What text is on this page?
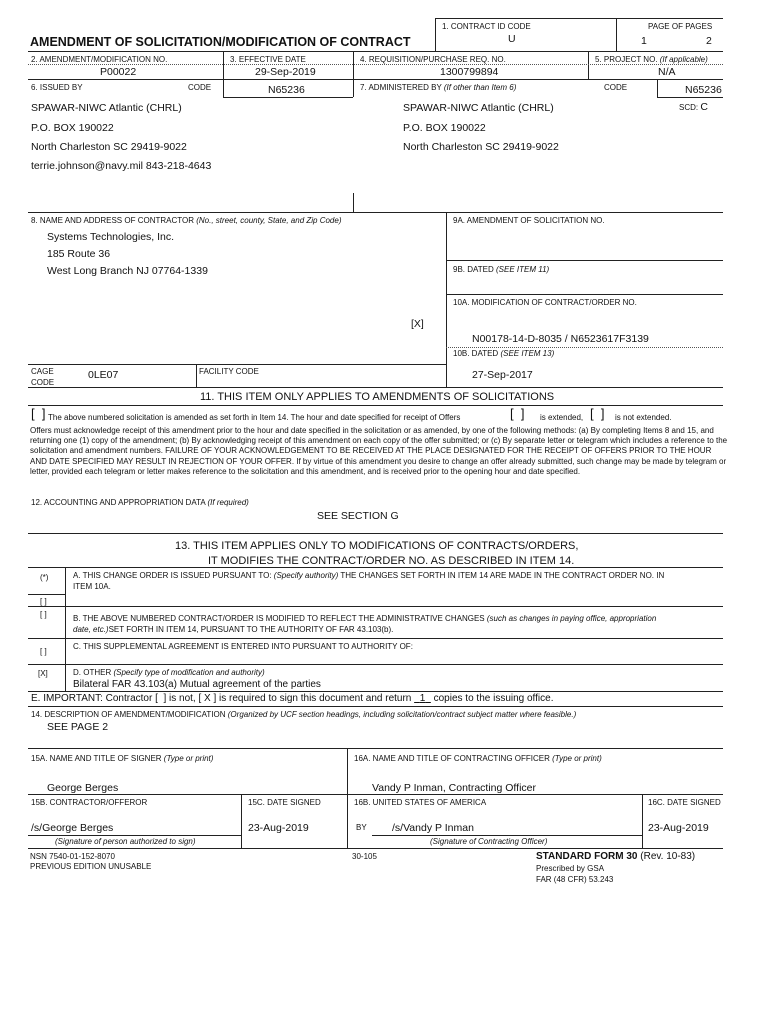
1. CONTRACT ID CODE
U
PAGE OF PAGES
1	2
AMENDMENT OF SOLICITATION/MODIFICATION OF CONTRACT
2. AMENDMENT/MODIFICATION NO.
P00022
3. EFFECTIVE DATE
29-Sep-2019
4. REQUISITION/PURCHASE REQ. NO.
1300799894
5. PROJECT NO. (If applicable)
N/A
6. ISSUED BY	CODE	N65236	7. ADMINISTERED BY (If other than Item 6)	CODE	N65236
SCD: C
SPAWAR-NIWC Atlantic (CHRL)
P.O. BOX 190022
North Charleston SC 29419-9022
terrie.johnson@navy.mil 843-218-4643
SPAWAR-NIWC Atlantic (CHRL)
P.O. BOX 190022
North Charleston SC 29419-9022
8. NAME AND ADDRESS OF CONTRACTOR (No., street, county, State, and Zip Code)
Systems Technologies, Inc.
185 Route 36
West Long Branch NJ 07764-1339
9A. AMENDMENT OF SOLICITATION NO.
9B. DATED (SEE ITEM 11)
10A. MODIFICATION OF CONTRACT/ORDER NO.
[X]
N00178-14-D-8035 / N6523617F3139
10B. DATED (SEE ITEM 13)
27-Sep-2017
CAGE
CODE
0LE07	FACILITY CODE
11. THIS ITEM ONLY APPLIES TO AMENDMENTS OF SOLICITATIONS
[  ] The above numbered solicitation is amended as set forth in Item 14. The hour and date specified for receipt of Offers	[  ] is extended, [  ] is not extended.
Offers must acknowledge receipt of this amendment prior to the hour and date specified in the solicitation or as amended, by one of the following methods: (a) By completing Items 8 and 15, and returning one (1) copy of the amendment; (b) By acknowledging receipt of this amendment on each copy of the offer submitted; or (c) By separate letter or telegram which includes a reference to the solicitation and amendment numbers. FAILURE OF YOUR ACKNOWLEDGEMENT TO BE RECEIVED AT THE PLACE DESIGNATED FOR THE RECEIPT OF OFFERS PRIOR TO THE HOUR AND DATE SPECIFIED MAY RESULT IN REJECTION OF YOUR OFFER. If by virtue of this amendment you desire to change an offer already submitted, such change may be made by telegram or letter, provided each telegram or letter makes reference to the solicitation and this amendment, and is received prior to the opening hour and date specified.
12. ACCOUNTING AND APPROPRIATION DATA (If required)
SEE SECTION G
13. THIS ITEM APPLIES ONLY TO MODIFICATIONS OF CONTRACTS/ORDERS,
IT MODIFIES THE CONTRACT/ORDER NO. AS DESCRIBED IN ITEM 14.
(*)	A. THIS CHANGE ORDER IS ISSUED PURSUANT TO: (Specify authority) THE CHANGES SET FORTH IN ITEM 14 ARE MADE IN THE CONTRACT ORDER NO. IN
ITEM 10A.
[ ]
[ ]	B. THE ABOVE NUMBERED CONTRACT/ORDER IS MODIFIED TO REFLECT THE ADMINISTRATIVE CHANGES (such as changes in paying office, appropriation
date, etc.)SET FORTH IN ITEM 14, PURSUANT TO THE AUTHORITY OF FAR 43.103(b).
[ ]
C. THIS SUPPLEMENTAL AGREEMENT IS ENTERED INTO PURSUANT TO AUTHORITY OF:
[X]	D. OTHER (Specify type of modification and authority)
Bilateral FAR 43.103(a) Mutual agreement of the parties
E. IMPORTANT: Contractor [ ] is not, [ X ] is required to sign this document and return 1 copies to the issuing office.
14. DESCRIPTION OF AMENDMENT/MODIFICATION (Organized by UCF section headings, including solicitation/contract subject matter where feasible.)
SEE PAGE 2
15A. NAME AND TITLE OF SIGNER (Type or print)
George Berges
16A. NAME AND TITLE OF CONTRACTING OFFICER (Type or print)
Vandy P Inman, Contracting Officer
15B. CONTRACTOR/OFFEROR	15C. DATE SIGNED	16B. UNITED STATES OF AMERICA	16C. DATE SIGNED
/s/George Berges	23-Aug-2019	BY /s/Vandy P Inman	23-Aug-2019
(Signature of person authorized to sign)	(Signature of Contracting Officer)
NSN 7540-01-152-8070
PREVIOUS EDITION UNUSABLE
30-105	STANDARD FORM 30 (Rev. 10-83)
Prescribed by GSA
FAR (48 CFR) 53.243
